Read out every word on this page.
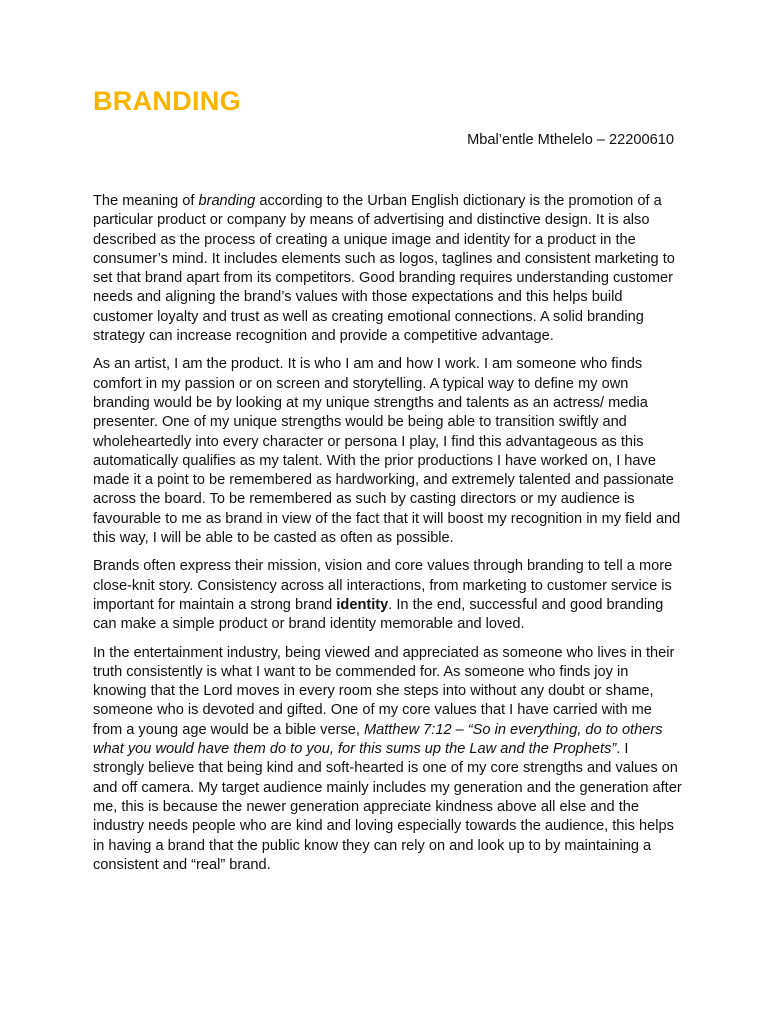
BRANDING

Mbal’entle Mthelelo – 22200610

The meaning of branding according to the Urban English dictionary is the promotion of a particular product or company by means of advertising and distinctive design. It is also described as the process of creating a unique image and identity for a product in the consumer’s mind. It includes elements such as logos, taglines and consistent marketing to set that brand apart from its competitors. Good branding requires understanding customer needs and aligning the brand’s values with those expectations and this helps build customer loyalty and trust as well as creating emotional connections. A solid branding strategy can increase recognition and provide a competitive advantage.

As an artist, I am the product. It is who I am and how I work. I am someone who finds comfort in my passion or on screen and storytelling. A typical way to define my own branding would be by looking at my unique strengths and talents as an actress/ media presenter. One of my unique strengths would be being able to transition swiftly and wholeheartedly into every character or persona I play, I find this advantageous as this automatically qualifies as my talent. With the prior productions I have worked on, I have made it a point to be remembered as hardworking, and extremely talented and passionate across the board. To be remembered as such by casting directors or my audience is favourable to me as brand in view of the fact that it will boost my recognition in my field and this way, I will be able to be casted as often as possible.

Brands often express their mission, vision and core values through branding to tell a more close-knit story. Consistency across all interactions, from marketing to customer service is important for maintain a strong brand identity. In the end, successful and good branding can make a simple product or brand identity memorable and loved.

In the entertainment industry, being viewed and appreciated as someone who lives in their truth consistently is what I want to be commended for. As someone who finds joy in knowing that the Lord moves in every room she steps into without any doubt or shame, someone who is devoted and gifted. One of my core values that I have carried with me from a young age would be a bible verse, Matthew 7:12 – “So in everything, do to others what you would have them do to you, for this sums up the Law and the Prophets”. I strongly believe that being kind and soft-hearted is one of my core strengths and values on and off camera. My target audience mainly includes my generation and the generation after me, this is because the newer generation appreciate kindness above all else and the industry needs people who are kind and loving especially towards the audience, this helps in having a brand that the public know they can rely on and look up to by maintaining a consistent and “real” brand.
